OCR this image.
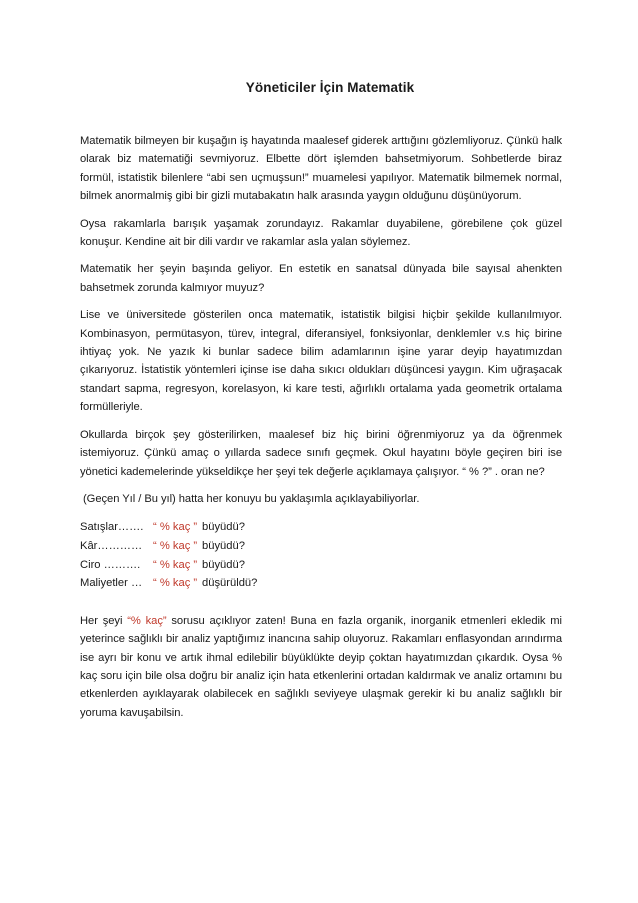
Yöneticiler İçin Matematik

Matematik bilmeyen bir kuşağın iş hayatında maalesef giderek arttığını gözlemliyoruz. Çünkü halk olarak biz matematiği sevmiyoruz. Elbette dört işlemden bahsetmiyorum. Sohbetlerde biraz formül, istatistik bilenlere “abi sen uçmuşsun!” muamelesi yapılıyor. Matematik bilmemek normal, bilmek anormalmiş gibi bir gizli mutabakatın halk arasında yaygın olduğunu düşünüyorum.

Oysa rakamlarla barışık yaşamak zorundayız. Rakamlar duyabilene, görebilene çok güzel konuşur. Kendine ait bir dili vardır ve rakamlar asla yalan söylemez.

Matematik her şeyin başında geliyor. En estetik en sanatsal dünyada bile sayısal ahenkten bahsetmek zorunda kalmıyor muyuz?

Lise ve üniversitede gösterilen onca matematik, istatistik bilgisi hiçbir şekilde kullanılmıyor. Kombinasyon, permütasyon, türev, integral, diferansiyel, fonksiyonlar, denklemler v.s hiç birine ihtiyaç yok. Ne yazık ki bunlar sadece bilim adamlarının işine yarar deyip hayatımızdan çıkarıyoruz. İstatistik yöntemleri içinse ise daha sıkıcı oldukları düşüncesi yaygın. Kim uğraşacak standart sapma, regresyon, korelasyon, ki kare testi, ağırlıklı ortalama yada geometrik ortalama formülleriyle.

Okullarda birçok şey gösterilirken, maalesef biz hiç birini öğrenmiyoruz ya da öğrenmek istemiyoruz. Çünkü amaç o yıllarda sadece sınıfı geçmek. Okul hayatını böyle geçiren biri ise yönetici kademelerinde yükseldikçe her şeyi tek değerle açıklamaya çalışıyor. “ % ?” . oran ne?

(Geçen Yıl / Bu yıl) hatta her konuyu bu yaklaşımla açıklayabiliyorlar.

Satışlar……. “ % kaç ” büyüdü?
Kâr………… “ % kaç ” büyüdü?
Ciro ……….	“ % kaç ” büyüdü?
Maliyetler … “ % kaç ” düşürüldü?

Her şeyi “% kaç” sorusu açıklıyor zaten! Buna en fazla organik, inorganik etmenleri ekledik mi yeterince sağlıklı bir analiz yaptığımız inancına sahip oluyoruz. Rakamları enflasyondan arındırma ise ayrı bir konu ve artık ihmal edilebilir büyüklükte deyip çoktan hayatımızdan çıkardık. Oysa % kaç soru için bile olsa doğru bir analiz için hata etkenlerini ortadan kaldırmak ve analiz ortamını bu etkenlerden ayıklayarak olabilecek en sağlıklı seviyeye ulaşmak gerekir ki bu analiz sağlıklı bir yoruma kavuşabilsin.
